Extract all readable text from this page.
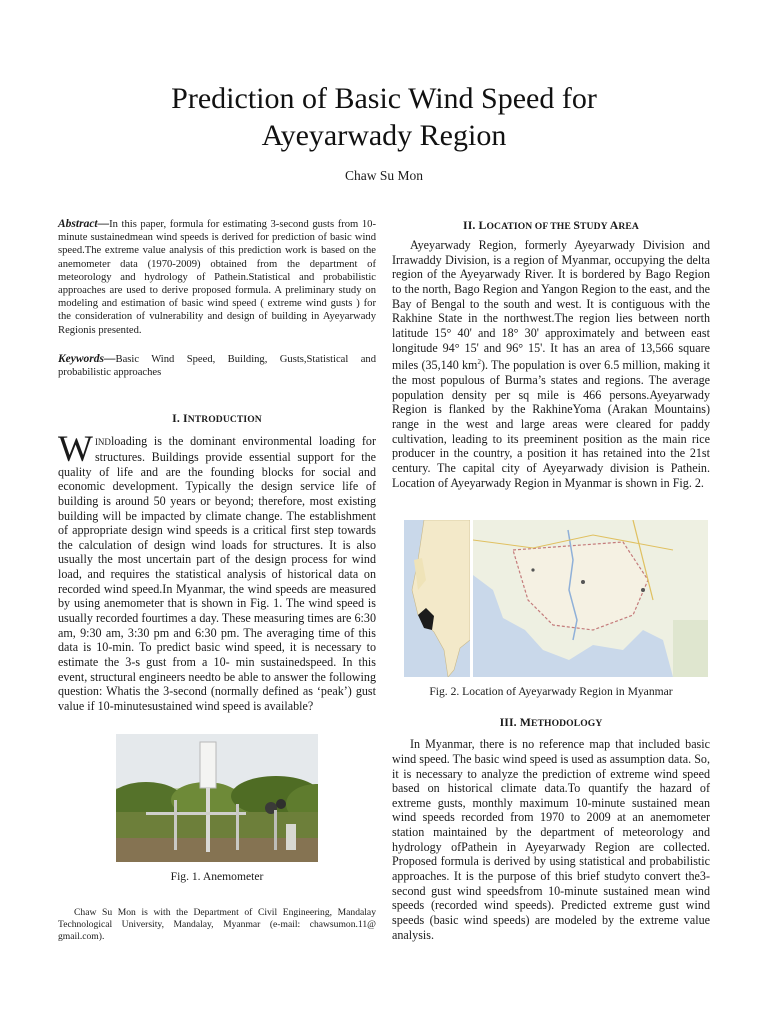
Prediction of Basic Wind Speed for
Ayeyarwady Region
Chaw Su Mon

Abstract—In this paper, formula for estimating 3-second gusts from 10-minute sustainedmean wind speeds is derived for prediction of basic wind speed.The extreme value analysis of this prediction work is based on the anemometer data (1970-2009) obtained from the department of meteorology and hydrology of Pathein.Statistical and probabilistic approaches are used to derive proposed formula. A preliminary study on modeling and estimation of basic wind speed ( extreme wind gusts ) for the consideration of vulnerability and design of building in Ayeyarwady Regionis presented.

Keywords—Basic Wind Speed, Building, Gusts,Statistical and probabilistic approaches

I. INTRODUCTION

WINDloading is the dominant environmental loading for structures. Buildings provide essential support for the quality of life and are the founding blocks for social and economic development. Typically the design service life of building is around 50 years or beyond; therefore, most existing building will be impacted by climate change. The establishment of appropriate design wind speeds is a critical first step towards the calculation of design wind loads for structures. It is also usually the most uncertain part of the design process for wind load, and requires the statistical analysis of historical data on recorded wind speed.In Myanmar, the wind speeds are measured by using anemometer that is shown in Fig. 1. The wind speed is usually recorded fourtimes a day. These measuring times are 6:30 am, 9:30 am, 3:30 pm and 6:30 pm. The averaging time of this data is 10-min. To predict basic wind speed, it is necessary to estimate the 3-s gust from a 10- min sustainedspeed. In this event, structural engineers needto be able to answer the following question: Whatis the 3-second (normally defined as ‘peak’) gust value if 10-minutesustained wind speed is available?

Fig. 1. Anemometer

Chaw Su Mon is with the Department of Civil Engineering, Mandalay Technological University, Mandalay, Myanmar (e-mail: chawsumon.11@ gmail.com).

II. LOCATION OF THE STUDY AREA

Ayeyarwady Region, formerly Ayeyarwady Division and Irrawaddy Division, is a region of Myanmar, occupying the delta region of the Ayeyarwady River. It is bordered by Bago Region to the north, Bago Region and Yangon Region to the east, and the Bay of Bengal to the south and west. It is contiguous with the Rakhine State in the northwest.The region lies between north latitude 15° 40' and 18° 30' approximately and between east longitude 94° 15' and 96° 15'. It has an area of 13,566 square miles (35,140 $km^2$). The population is over 6.5 million, making it the most populous of Burma’s states and regions. The average population density per sq mile is 466 persons.Ayeyarwady Region is flanked by the RakhineYoma (Arakan Mountains) range in the west and large areas were cleared for paddy cultivation, leading to its preeminent position as the main rice producer in the country, a position it has retained into the 21st century. The capital city of Ayeyarwady division is Pathein. Location of Ayeyarwady Region in Myanmar is shown in Fig. 2.

Fig. 2. Location of Ayeyarwady Region in Myanmar

III. METHODOLOGY

In Myanmar, there is no reference map that included basic wind speed. The basic wind speed is used as assumption data. So, it is necessary to analyze the prediction of extreme wind speed based on historical climate data.To quantify the hazard of extreme gusts, monthly maximum 10-minute sustained mean wind speeds recorded from 1970 to 2009 at an anemometer station maintained by the department of meteorology and hydrology ofPathein in Ayeyarwady Region are collected. Proposed formula is derived by using statistical and probabilistic approaches. It is the purpose of this brief studyto convert the3-second gust wind speedsfrom 10-minute sustained mean wind speeds (recorded wind speeds). Predicted extreme gust wind speeds (basic wind speeds) are modeled by the extreme value analysis.
